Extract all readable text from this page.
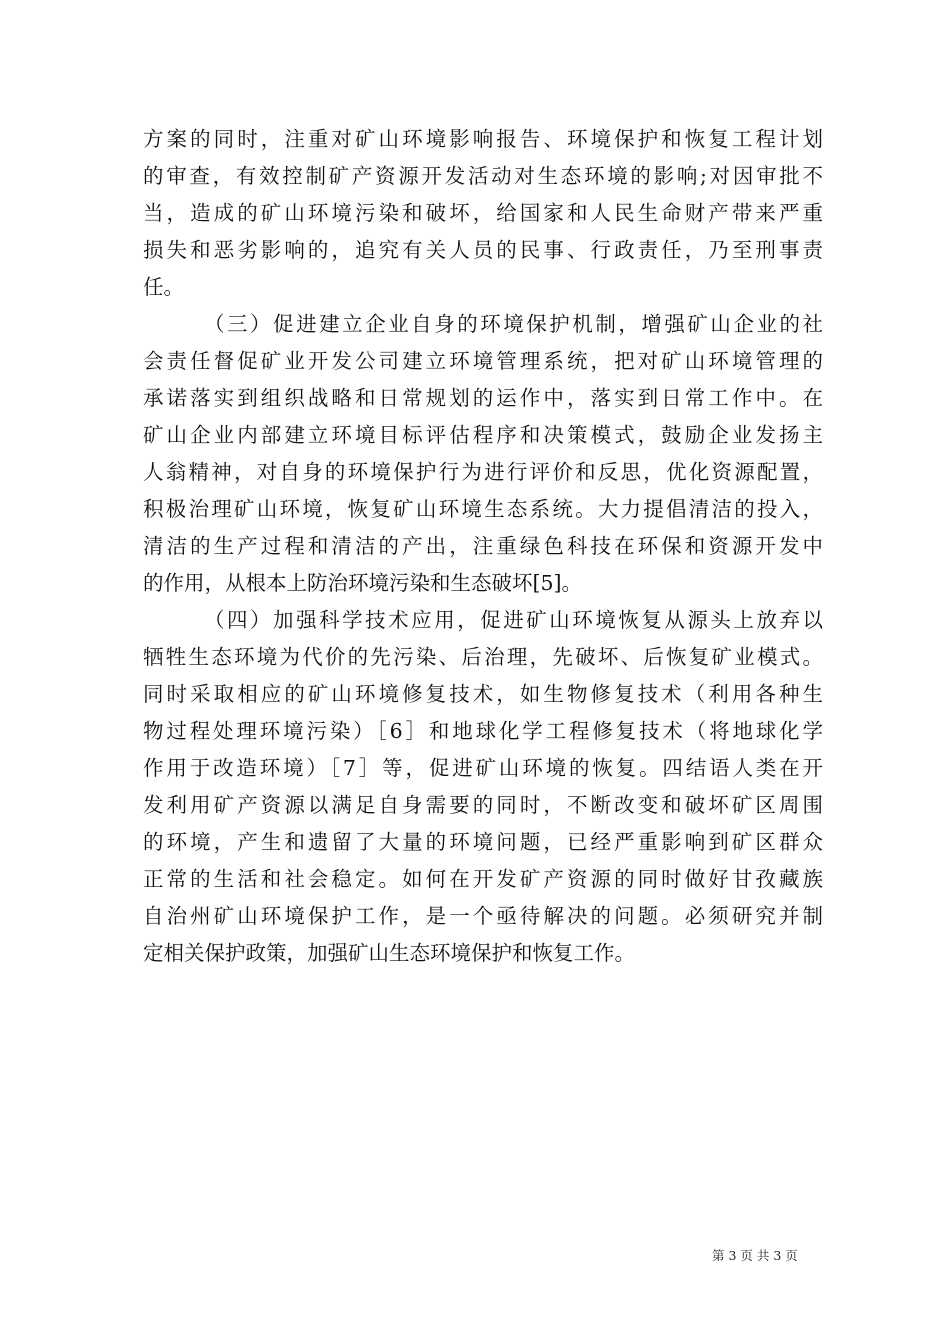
方案的同时，注重对矿山环境影响报告、环境保护和恢复工程计划
的审查，有效控制矿产资源开发活动对生态环境的影响;对因审批不
当，造成的矿山环境污染和破坏，给国家和人民生命财产带来严重
损失和恶劣影响的，追究有关人员的民事、行政责任，乃至刑事责
任。
（三）促进建立企业自身的环境保护机制，增强矿山企业的社
会责任督促矿业开发公司建立环境管理系统，把对矿山环境管理的
承诺落实到组织战略和日常规划的运作中，落实到日常工作中。在
矿山企业内部建立环境目标评估程序和决策模式，鼓励企业发扬主
人翁精神，对自身的环境保护行为进行评价和反思，优化资源配置，
积极治理矿山环境，恢复矿山环境生态系统。大力提倡清洁的投入，
清洁的生产过程和清洁的产出，注重绿色科技在环保和资源开发中
的作用，从根本上防治环境污染和生态破坏[5]。
（四）加强科学技术应用，促进矿山环境恢复从源头上放弃以
牺牲生态环境为代价的先污染、后治理，先破坏、后恢复矿业模式。
同时采取相应的矿山环境修复技术，如生物修复技术（利用各种生
物过程处理环境污染）［6］和地球化学工程修复技术（将地球化学
作用于改造环境）［7］等，促进矿山环境的恢复。四结语人类在开
发利用矿产资源以满足自身需要的同时，不断改变和破坏矿区周围
的环境，产生和遗留了大量的环境问题，已经严重影响到矿区群众
正常的生活和社会稳定。如何在开发矿产资源的同时做好甘孜藏族
自治州矿山环境保护工作，是一个亟待解决的问题。必须研究并制
定相关保护政策，加强矿山生态环境保护和恢复工作。
第 3 页 共 3 页
